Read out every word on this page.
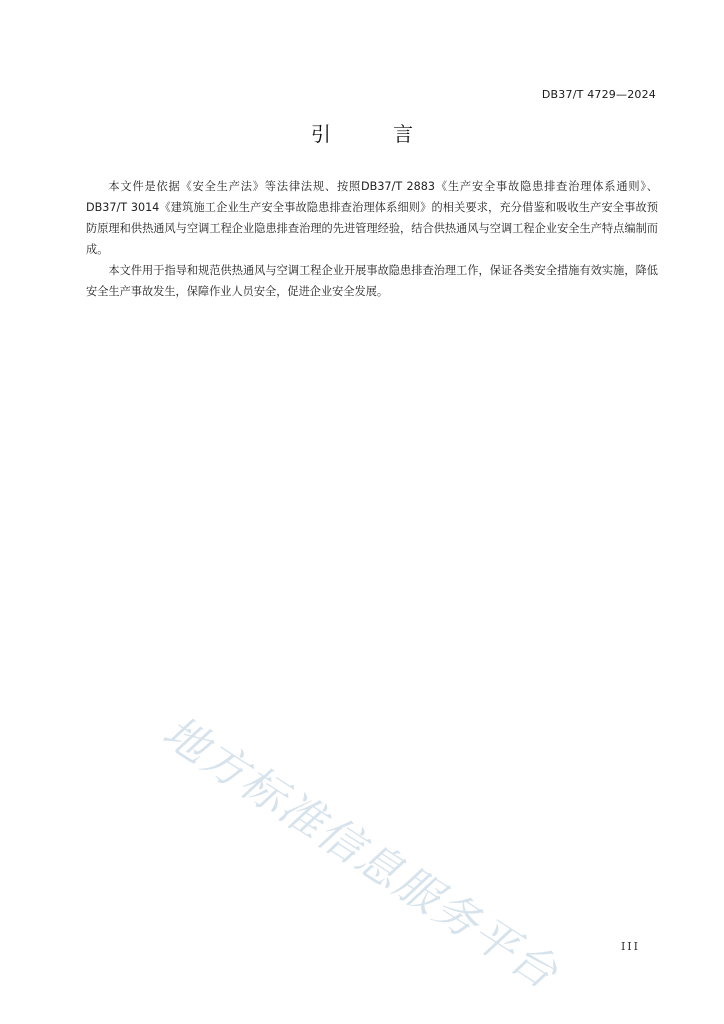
DB37/T 4729—2024
引 言

本文件是依据《安全生产法》等法律法规、按照DB37/T 2883《生产安全事故隐患排查治理体系通则》、DB37/T 3014《建筑施工企业生产安全事故隐患排查治理体系细则》的相关要求，充分借鉴和吸收生产安全事故预防原理和供热通风与空调工程企业隐患排查治理的先进管理经验，结合供热通风与空调工程企业安全生产特点编制而成。

本文件用于指导和规范供热通风与空调工程企业开展事故隐患排查治理工作，保证各类安全措施有效实施，降低安全生产事故发生，保障作业人员安全，促进企业安全发展。

地方标准信息服务平台	III
